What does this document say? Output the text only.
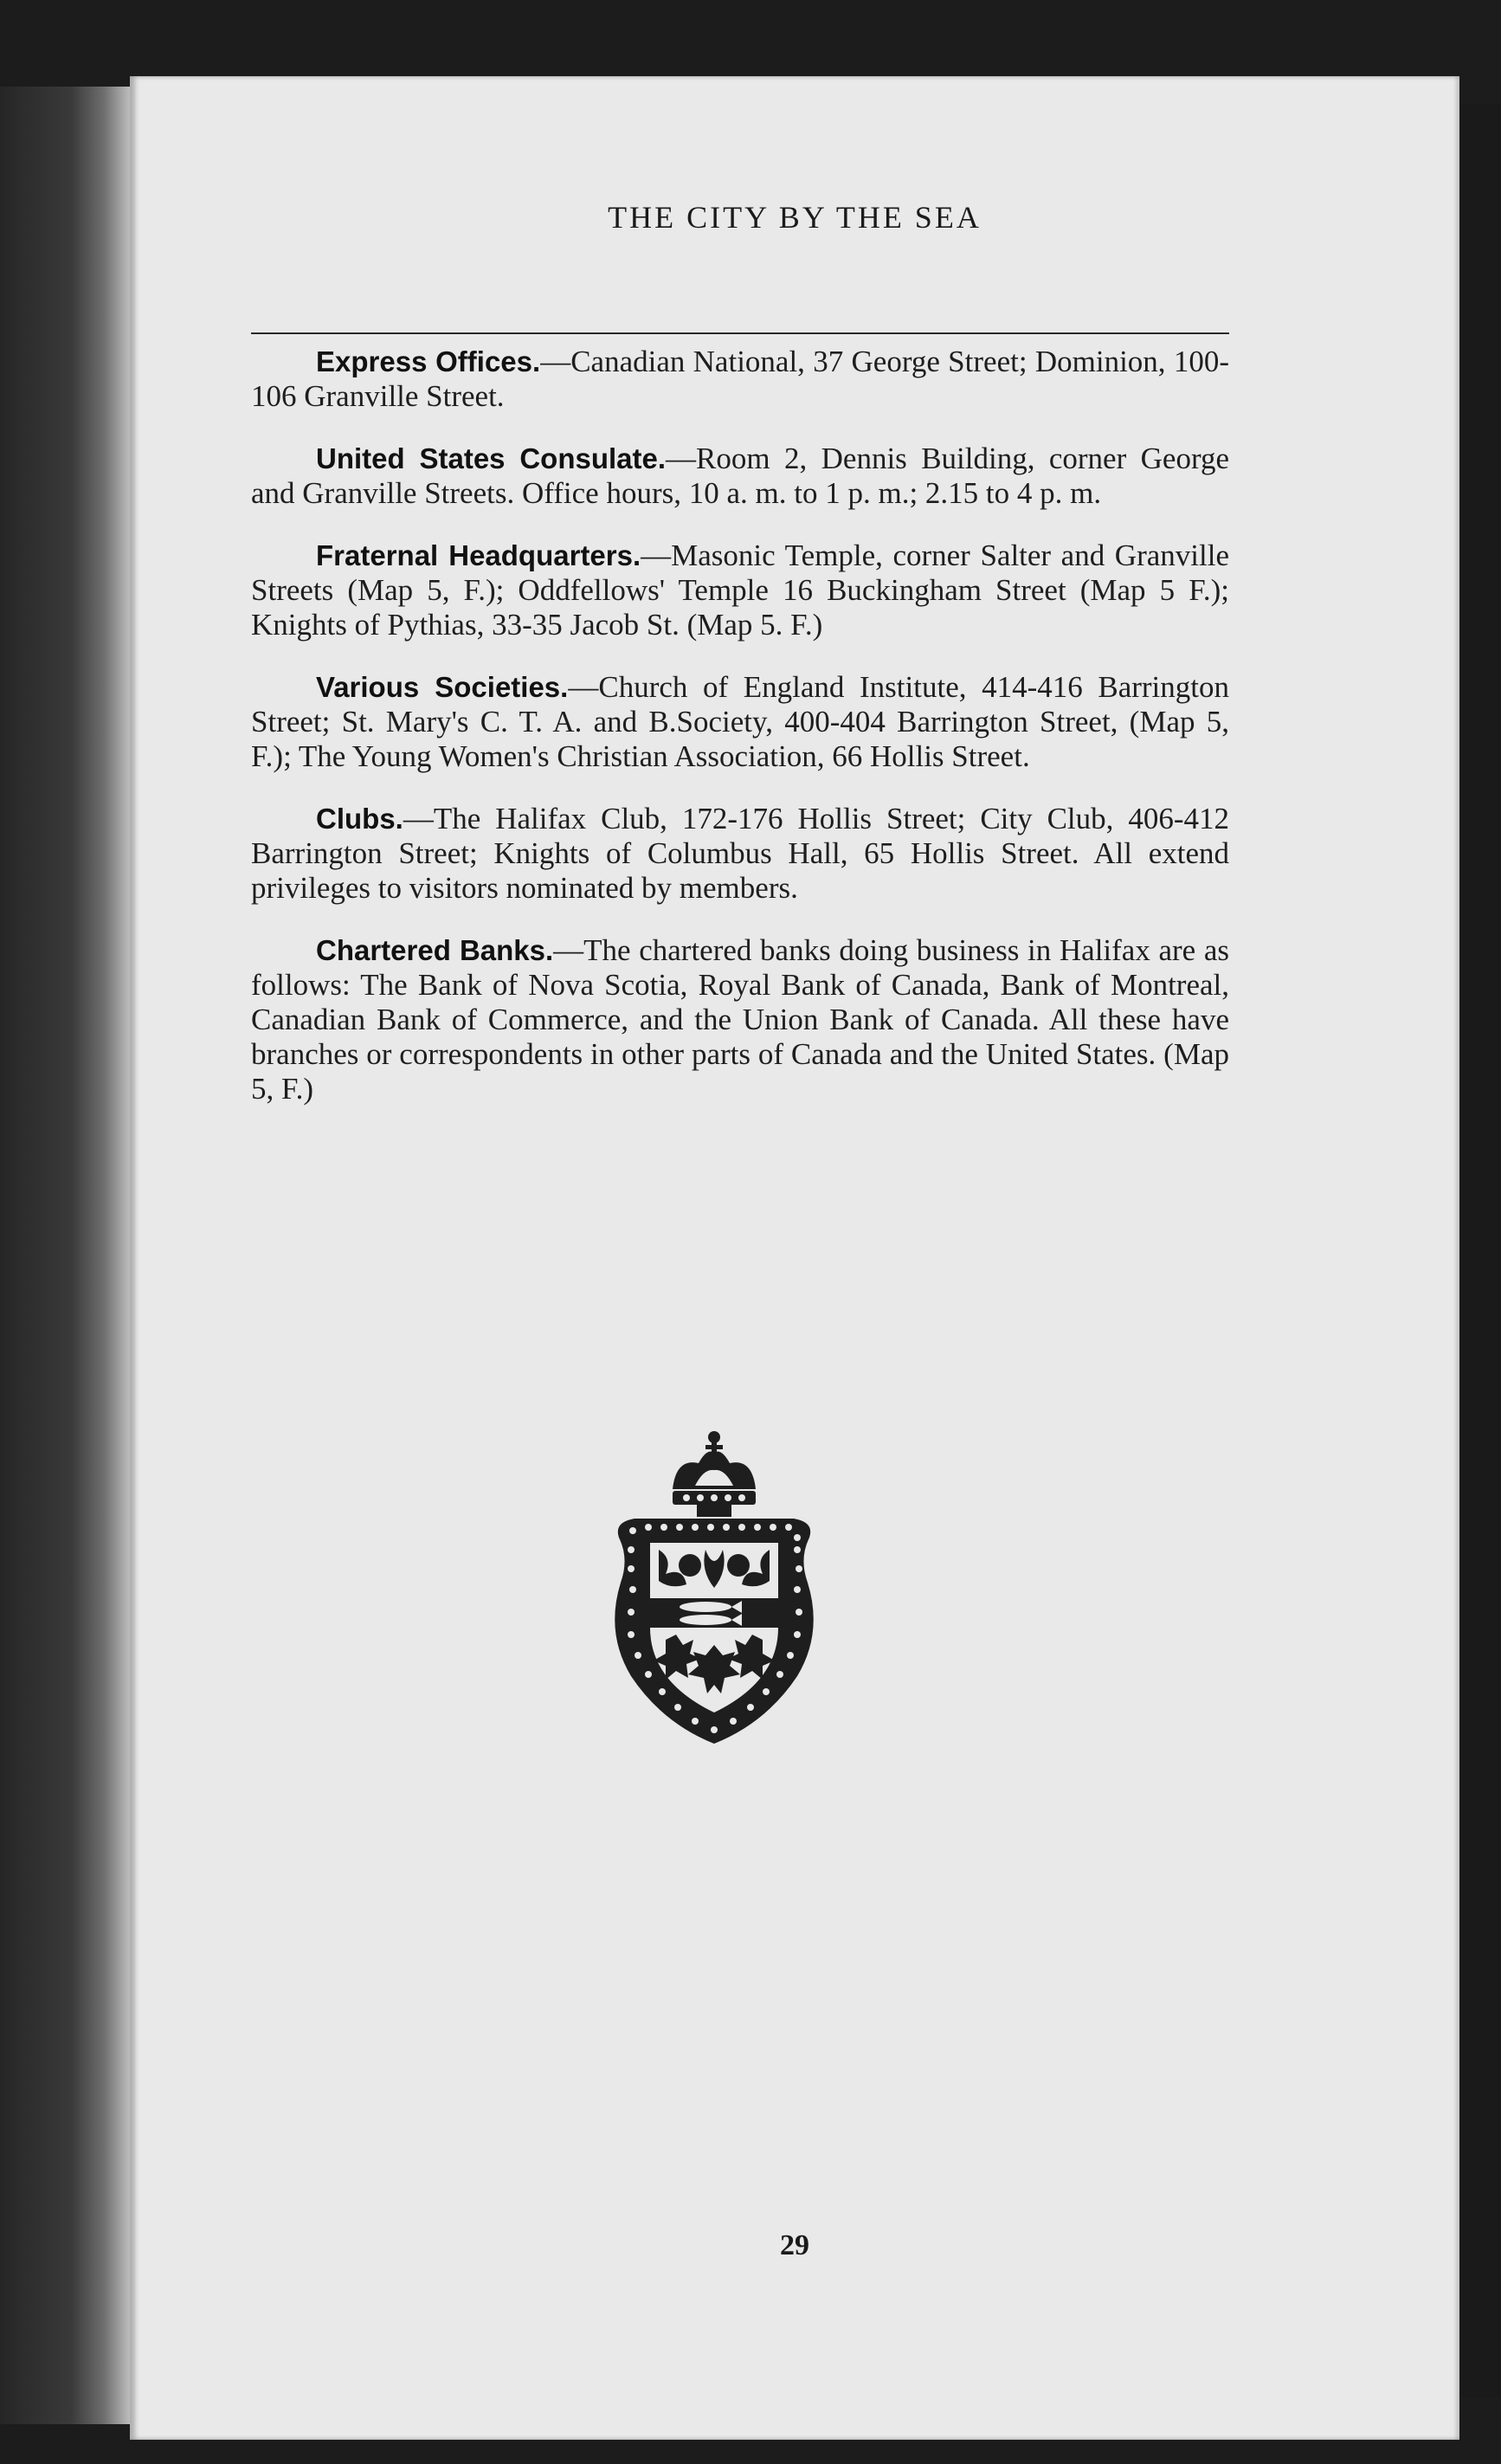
THE CITY BY THE SEA

Express Offices.—Canadian National, 37 George Street; Dominion, 100-106 Granville Street.

United States Consulate.—Room 2, Dennis Building, corner George and Granville Streets. Office hours, 10 a. m. to 1 p. m.; 2.15 to 4 p. m.

Fraternal Headquarters.—Masonic Temple, corner Salter and Granville Streets (Map 5, F.); Oddfellows' Temple 16 Buckingham Street (Map 5 F.); Knights of Pythias, 33-35 Jacob St. (Map 5. F.)

Various Societies.—Church of England Institute, 414-416 Barrington Street; St. Mary's C. T. A. and B.Society, 400-404 Barrington Street, (Map 5, F.); The Young Women's Christian Association, 66 Hollis Street.

Clubs.—The Halifax Club, 172-176 Hollis Street; City Club, 406-412 Barrington Street; Knights of Columbus Hall, 65 Hollis Street. All extend privileges to visitors nominated by members.

Chartered Banks.—The chartered banks doing business in Halifax are as follows: The Bank of Nova Scotia, Royal Bank of Canada, Bank of Montreal, Canadian Bank of Commerce, and the Union Bank of Canada. All these have branches or correspondents in other parts of Canada and the United States. (Map 5, F.)

29
